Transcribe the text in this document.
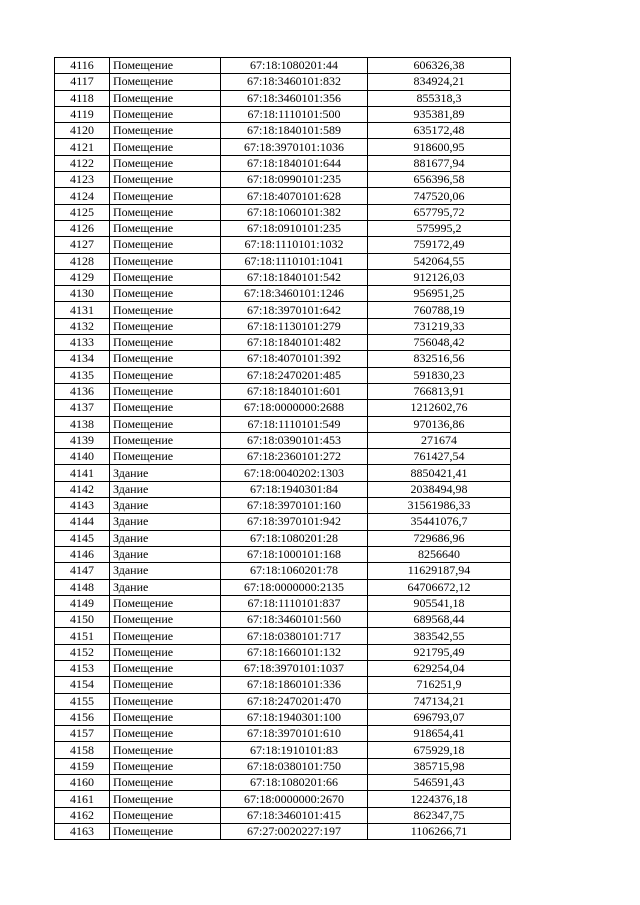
4116	Помещение	67:18:1080201:44	606326,38
4117	Помещение	67:18:3460101:832	834924,21
4118	Помещение	67:18:3460101:356	855318,3
4119	Помещение	67:18:1110101:500	935381,89
4120	Помещение	67:18:1840101:589	635172,48
4121	Помещение	67:18:3970101:1036	918600,95
4122	Помещение	67:18:1840101:644	881677,94
4123	Помещение	67:18:0990101:235	656396,58
4124	Помещение	67:18:4070101:628	747520,06
4125	Помещение	67:18:1060101:382	657795,72
4126	Помещение	67:18:0910101:235	575995,2
4127	Помещение	67:18:1110101:1032	759172,49
4128	Помещение	67:18:1110101:1041	542064,55
4129	Помещение	67:18:1840101:542	912126,03
4130	Помещение	67:18:3460101:1246	956951,25
4131	Помещение	67:18:3970101:642	760788,19
4132	Помещение	67:18:1130101:279	731219,33
4133	Помещение	67:18:1840101:482	756048,42
4134	Помещение	67:18:4070101:392	832516,56
4135	Помещение	67:18:2470201:485	591830,23
4136	Помещение	67:18:1840101:601	766813,91
4137	Помещение	67:18:0000000:2688	1212602,76
4138	Помещение	67:18:1110101:549	970136,86
4139	Помещение	67:18:0390101:453	271674
4140	Помещение	67:18:2360101:272	761427,54
4141	Здание	67:18:0040202:1303	8850421,41
4142	Здание	67:18:1940301:84	2038494,98
4143	Здание	67:18:3970101:160	31561986,33
4144	Здание	67:18:3970101:942	35441076,7
4145	Здание	67:18:1080201:28	729686,96
4146	Здание	67:18:1000101:168	8256640
4147	Здание	67:18:1060201:78	11629187,94
4148	Здание	67:18:0000000:2135	64706672,12
4149	Помещение	67:18:1110101:837	905541,18
4150	Помещение	67:18:3460101:560	689568,44
4151	Помещение	67:18:0380101:717	383542,55
4152	Помещение	67:18:1660101:132	921795,49
4153	Помещение	67:18:3970101:1037	629254,04
4154	Помещение	67:18:1860101:336	716251,9
4155	Помещение	67:18:2470201:470	747134,21
4156	Помещение	67:18:1940301:100	696793,07
4157	Помещение	67:18:3970101:610	918654,41
4158	Помещение	67:18:1910101:83	675929,18
4159	Помещение	67:18:0380101:750	385715,98
4160	Помещение	67:18:1080201:66	546591,43
4161	Помещение	67:18:0000000:2670	1224376,18
4162	Помещение	67:18:3460101:415	862347,75
4163	Помещение	67:27:0020227:197	1106266,71
